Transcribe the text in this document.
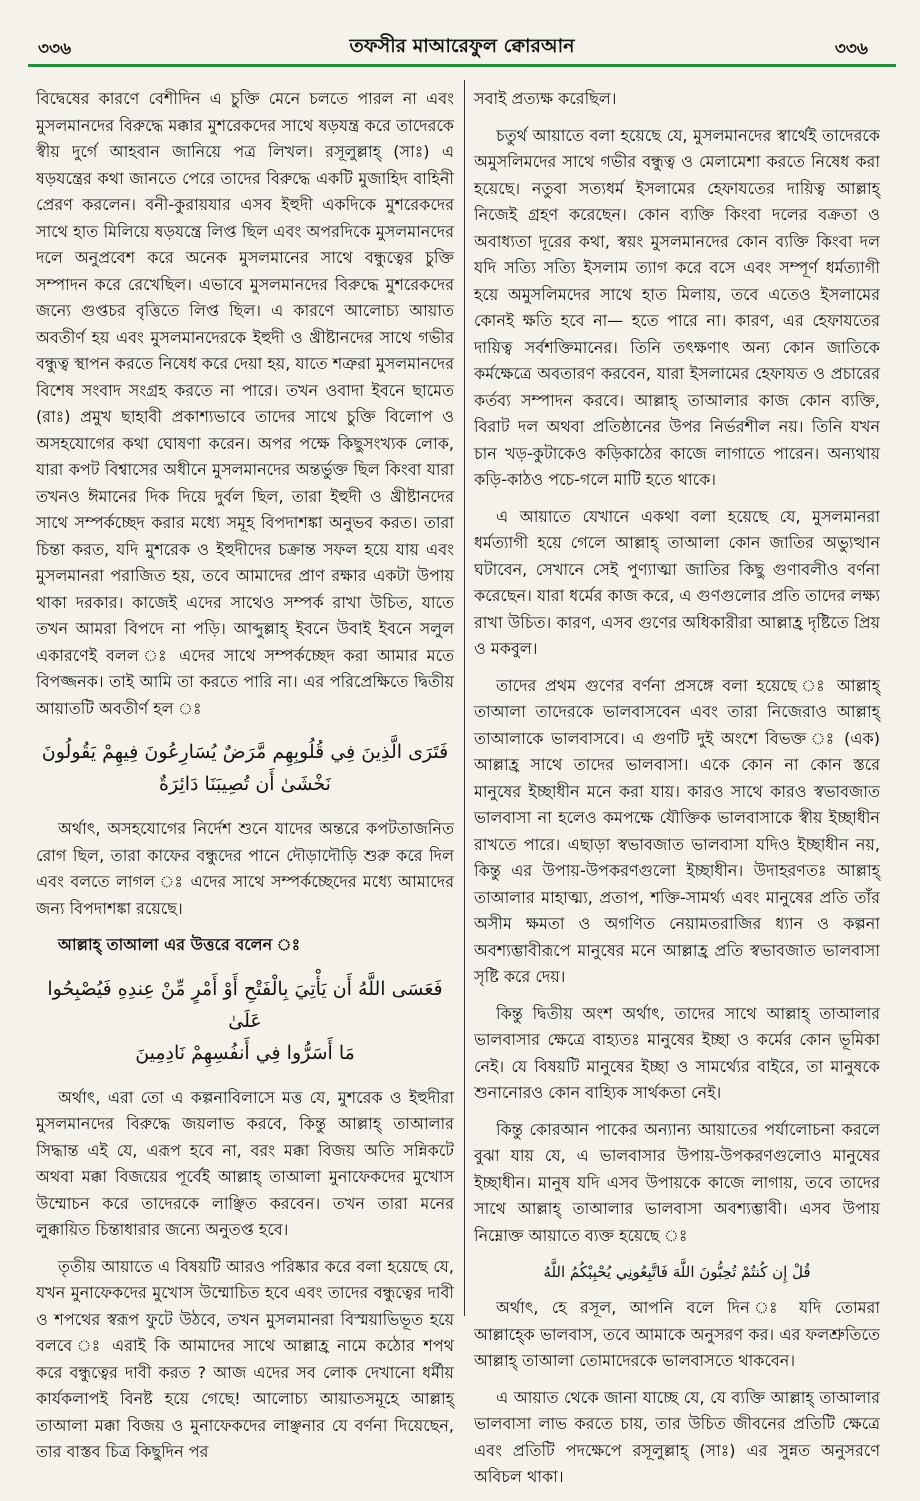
৩৩৬	তফসীর মাআরেফুল ক্বোরআন	৩৩৬

বিদ্বেষের কারণে বেশীদিন এ চুক্তি মেনে চলতে পারল না এবং মুসলমানদের বিরুদ্ধে মক্কার মুশরেকদের সাথে ষড়যন্ত্র করে তাদেরকে স্বীয় দুর্গে আহবান জানিয়ে পত্র লিখল। রসূলুল্লাহ্ (সাঃ) এ ষড়যন্ত্রের কথা জানতে পেরে তাদের বিরুদ্ধে একটি মুজাহিদ বাহিনী প্রেরণ করলেন। বনী-কুরায়যার এসব ইহুদী একদিকে মুশরেকদের সাথে হাত মিলিয়ে ষড়যন্ত্রে লিপ্ত ছিল এবং অপরদিকে মুসলমানদের দলে অনুপ্রবেশ করে অনেক মুসলমানের সাথে বন্ধুত্বের চুক্তি সম্পাদন করে রেখেছিল। এভাবে মুসলমানদের বিরুদ্ধে মুশরেকদের জন্যে গুপ্তচর বৃত্তিতে লিপ্ত ছিল। এ কারণে আলোচ্য আয়াত অবতীর্ণ হয় এবং মুসলমানদেরকে ইহুদী ও খ্রীষ্টানদের সাথে গভীর বন্ধুত্ব স্থাপন করতে নিষেধ করে দেয়া হয়, যাতে শত্রুরা মুসলমানদের বিশেষ সংবাদ সংগ্রহ করতে না পারে। তখন ওবাদা ইবনে ছামেত (রাঃ) প্রমুখ ছাহাবী প্রকাশ্যভাবে তাদের সাথে চুক্তি বিলোপ ও অসহযোগের কথা ঘোষণা করেন। অপর পক্ষে কিছুসংখ্যক লোক, যারা কপট বিশ্বাসের অধীনে মুসলমানদের অন্তর্ভুক্ত ছিল কিংবা যারা তখনও ঈমানের দিক দিয়ে দুর্বল ছিল, তারা ইহুদী ও খ্রীষ্টানদের সাথে সম্পর্কচ্ছেদ করার মধ্যে সমূহ বিপদাশঙ্কা অনুভব করত। তারা চিন্তা করত, যদি মুশরেক ও ইহুদীদের চক্রান্ত সফল হয়ে যায় এবং মুসলমানরা পরাজিত হয়, তবে আমাদের প্রাণ রক্ষার একটা উপায় থাকা দরকার। কাজেই এদের সাথেও সম্পর্ক রাখা উচিত, যাতে তখন আমরা বিপদে না পড়ি। আব্দুল্লাহ্ ইবনে উবাই ইবনে সলুল একারণেই বলল ঃ এদের সাথে সম্পর্কচ্ছেদ করা আমার মতে বিপজ্জনক। তাই আমি তা করতে পারি না। এর পরিপ্রেক্ষিতে দ্বিতীয় আয়াতটি অবতীর্ণ হল ঃ

فَتَرَى الَّذِينَ فِي قُلُوبِهِم مَّرَضٌ يُسَارِعُونَ فِيهِمْ يَقُولُونَ
نَخْشَىٰ أَن تُصِيبَنَا دَائِرَةٌ

অর্থাৎ, অসহযোগের নির্দেশ শুনে যাদের অন্তরে কপটতাজনিত রোগ ছিল, তারা কাফের বন্ধুদের পানে দৌড়াদৌড়ি শুরু করে দিল এবং বলতে লাগল ঃ এদের সাথে সম্পর্কচ্ছেদের মধ্যে আমাদের জন্য বিপদাশঙ্কা রয়েছে।

আল্লাহ্ তাআলা এর উত্তরে বলেন ঃ
فَعَسَى اللَّهُ أَن يَأْتِيَ بِالْفَتْحِ أَوْ أَمْرٍ مِّنْ عِندِهِ فَيُصْبِحُوا عَلَىٰ
مَا أَسَرُّوا فِي أَنفُسِهِمْ نَادِمِينَ

অর্থাৎ, এরা তো এ কল্পনাবিলাসে মত্ত যে, মুশরেক ও ইহুদীরা মুসলমানদের বিরুদ্ধে জয়লাভ করবে, কিন্তু আল্লাহ্ তাআলার সিদ্ধান্ত এই যে, এরূপ হবে না, বরং মক্কা বিজয় অতি সন্নিকটে অথবা মক্কা বিজয়ের পূর্বেই আল্লাহ্ তাআলা মুনাফেকদের মুখোস উম্মোচন করে তাদেরকে লাঞ্ছিত করবেন। তখন তারা মনের লুক্কায়িত চিন্তাধারার জন্যে অনুতপ্ত হবে।

তৃতীয় আয়াতে এ বিষয়টি আরও পরিষ্কার করে বলা হয়েছে যে, যখন মুনাফেকদের মুখোস উম্মোচিত হবে এবং তাদের বন্ধুত্বের দাবী ও শপথের স্বরূপ ফুটে উঠবে, তখন মুসলমানরা বিস্ময়াভিভূত হয়ে বলবে ঃ এরাই কি আমাদের সাথে আল্লাহ্র নামে কঠোর শপথ করে বন্ধুত্বের দাবী করত ? আজ এদের সব লোক দেখানো ধর্মীয় কার্যকলাপই বিনষ্ট হয়ে গেছে! আলোচ্য আয়াতসমূহে আল্লাহ্ তাআলা মক্কা বিজয় ও মুনাফেকদের লাঞ্ছনার যে বর্ণনা দিয়েছেন, তার বাস্তব চিত্র কিছুদিন পর

সবাই প্রত্যক্ষ করেছিল।

চতুর্থ আয়াতে বলা হয়েছে যে, মুসলমানদের স্বার্থেই তাদেরকে অমুসলিমদের সাথে গভীর বন্ধুত্ব ও মেলামেশা করতে নিষেধ করা হয়েছে। নতুবা সত্যধর্ম ইসলামের হেফাযতের দায়িত্ব আল্লাহ্ নিজেই গ্রহণ করেছেন। কোন ব্যক্তি কিংবা দলের বক্রতা ও অবাধ্যতা দূরের কথা, স্বয়ং মুসলমানদের কোন ব্যক্তি কিংবা দল যদি সত্যি সত্যি ইসলাম ত্যাগ করে বসে এবং সম্পূর্ণ ধর্মত্যাগী হয়ে অমুসলিমদের সাথে হাত মিলায়, তবে এতেও ইসলামের কোনই ক্ষতি হবে না— হতে পারে না। কারণ, এর হেফাযতের দায়িত্ব সর্বশক্তিমানের। তিনি তৎক্ষণাৎ অন্য কোন জাতিকে কর্মক্ষেত্রে অবতারণ করবেন, যারা ইসলামের হেফাযত ও প্রচারের কর্তব্য সম্পাদন করবে। আল্লাহ্ তাআলার কাজ কোন ব্যক্তি, বিরাট দল অথবা প্রতিষ্ঠানের উপর নির্ভরশীল নয়। তিনি যখন চান খড়-কুটাকেও কড়িকাঠের কাজে লাগাতে পারেন। অন্যথায় কড়ি-কাঠও পচে-গলে মাটি হতে থাকে।

এ আয়াতে যেখানে একথা বলা হয়েছে যে, মুসলমানরা ধর্মত্যাগী হয়ে গেলে আল্লাহ্ তাআলা কোন জাতির অভ্যুত্থান ঘটাবেন, সেখানে সেই পুণ্যাত্মা জাতির কিছু গুণাবলীও বর্ণনা করেছেন। যারা ধর্মের কাজ করে, এ গুণগুলোর প্রতি তাদের লক্ষ্য রাখা উচিত। কারণ, এসব গুণের অধিকারীরা আল্লাহ্র দৃষ্টিতে প্রিয় ও মকবুল।

তাদের প্রথম গুণের বর্ণনা প্রসঙ্গে বলা হয়েছে ঃ আল্লাহ্ তাআলা তাদেরকে ভালবাসবেন এবং তারা নিজেরাও আল্লাহ্ তাআলাকে ভালবাসবে। এ গুণটি দুই অংশে বিভক্ত ঃ (এক) আল্লাহ্র সাথে তাদের ভালবাসা। একে কোন না কোন স্তরে মানুষের ইচ্ছাধীন মনে করা যায়। কারও সাথে কারও স্বভাবজাত ভালবাসা না হলেও কমপক্ষে যৌক্তিক ভালবাসাকে স্বীয় ইচ্ছাধীন রাখতে পারে। এছাড়া স্বভাবজাত ভালবাসা যদিও ইচ্ছাধীন নয়, কিন্তু এর উপায়-উপকরণগুলো ইচ্ছাধীন। উদাহরণতঃ আল্লাহ্ তাআলার মাহাত্ম্য, প্রতাপ, শক্তি-সামর্থ্য এবং মানুষের প্রতি তাঁর অসীম ক্ষমতা ও অগণিত নেয়ামতরাজির ধ্যান ও কল্পনা অবশ্যম্ভাবীরূপে মানুষের মনে আল্লাহ্র প্রতি স্বভাবজাত ভালবাসা সৃষ্টি করে দেয়।

কিন্তু দ্বিতীয় অংশ অর্থাৎ, তাদের সাথে আল্লাহ্ তাআলার ভালবাসার ক্ষেত্রে বাহ্যতঃ মানুষের ইচ্ছা ও কর্মের কোন ভূমিকা নেই। যে বিষয়টি মানুষের ইচ্ছা ও সামর্থ্যের বাইরে, তা মানুষকে শুনানোরও কোন বাহ্যিক সার্থকতা নেই।

কিন্তু কোরআন পাকের অন্যান্য আয়াতের পর্যালোচনা করলে বুঝা যায় যে, এ ভালবাসার উপায়-উপকরণগুলোও মানুষের ইচ্ছাধীন। মানুষ যদি এসব উপায়কে কাজে লাগায়, তবে তাদের সাথে আল্লাহ্ তাআলার ভালবাসা অবশ্যম্ভাবী। এসব উপায় নিম্নোক্ত আয়াতে ব্যক্ত হয়েছে ঃ

قُلْ إِن كُنتُمْ تُحِبُّونَ اللَّهَ فَاتَّبِعُونِي يُحْبِبْكُمُ اللَّهُ

অর্থাৎ, হে রসূল, আপনি বলে দিন ঃ যদি তোমরা আল্লাহ্কে ভালবাস, তবে আমাকে অনুসরণ কর। এর ফলশ্রুতিতে আল্লাহ্ তাআলা তোমাদেরকে ভালবাসতে থাকবেন।

এ আয়াত থেকে জানা যাচ্ছে যে, যে ব্যক্তি আল্লাহ্ তাআলার ভালবাসা লাভ করতে চায়, তার উচিত জীবনের প্রতিটি ক্ষেত্রে এবং প্রতিটি পদক্ষেপে রসূলুল্লাহ্ (সাঃ) এর সুন্নত অনুসরণে অবিচল থাকা।
